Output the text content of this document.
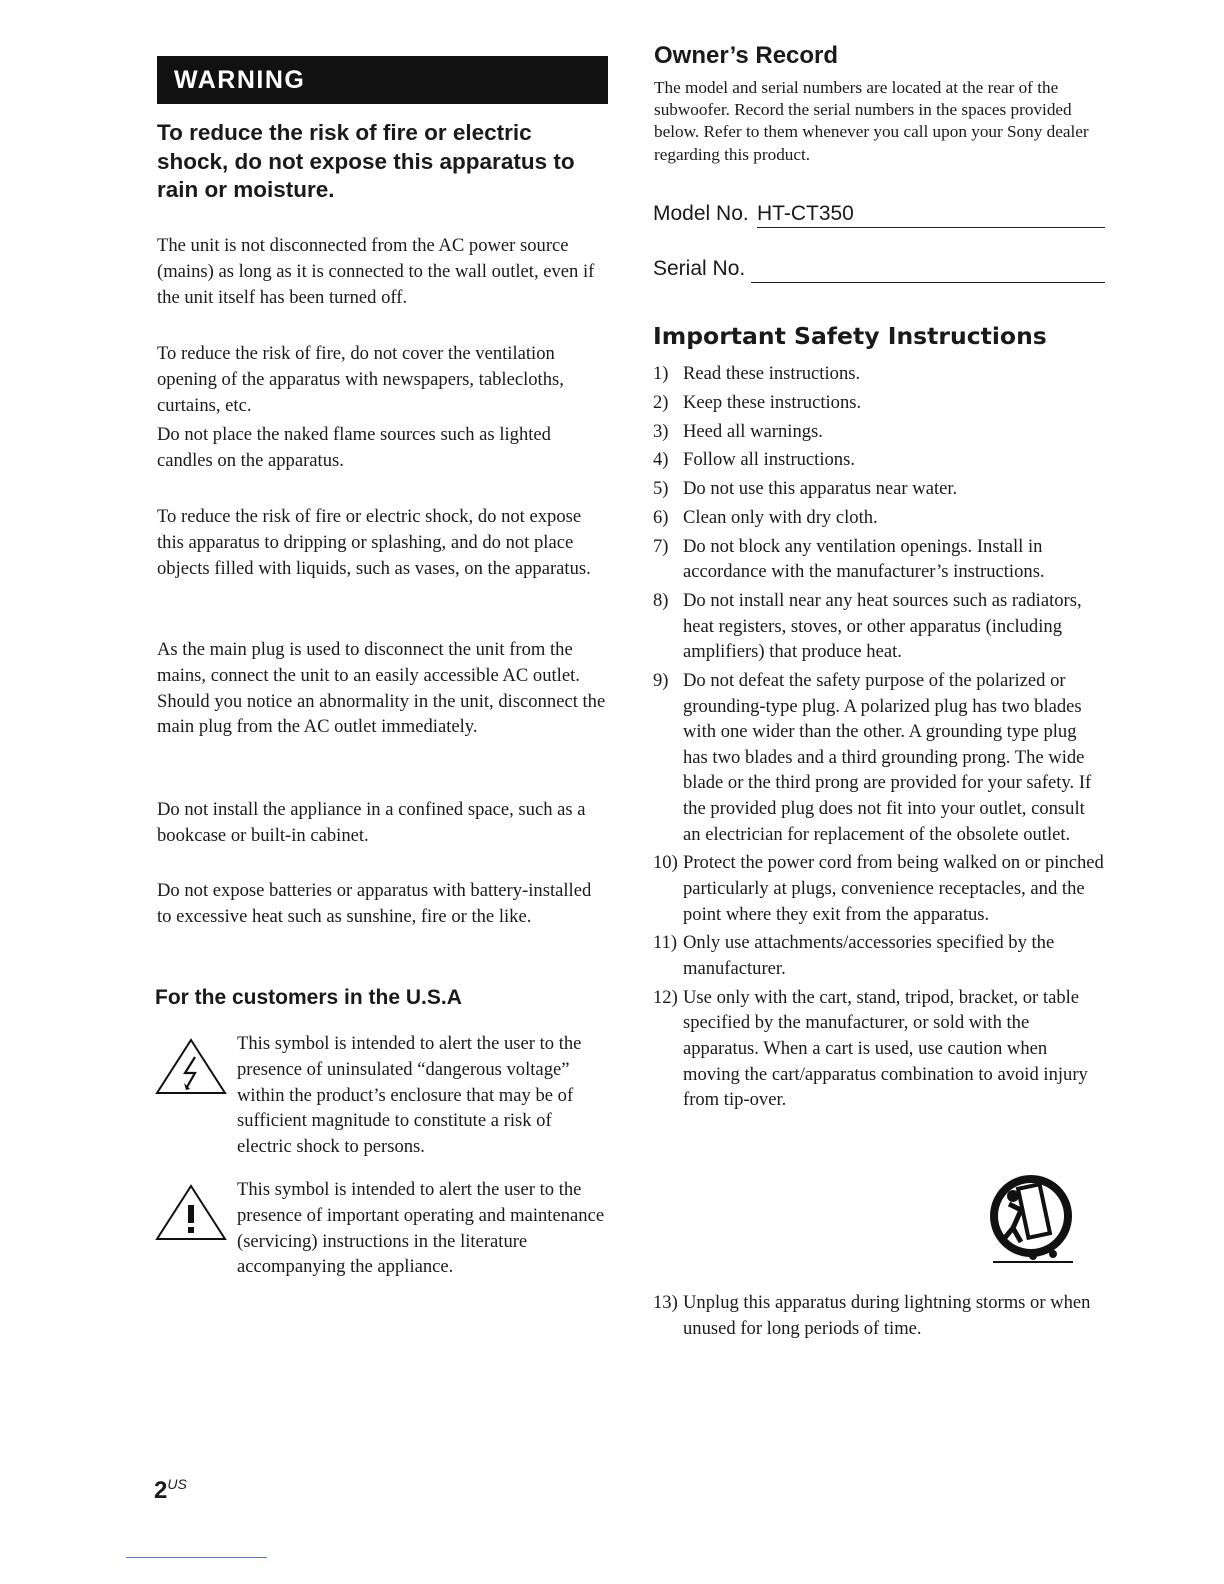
WARNING

To reduce the risk of fire or electric shock, do not expose this apparatus to rain or moisture.

The unit is not disconnected from the AC power source (mains) as long as it is connected to the wall outlet, even if the unit itself has been turned off.

To reduce the risk of fire, do not cover the ventilation opening of the apparatus with newspapers, tablecloths, curtains, etc.

Do not place the naked flame sources such as lighted candles on the apparatus.

To reduce the risk of fire or electric shock, do not expose this apparatus to dripping or splashing, and do not place objects filled with liquids, such as vases, on the apparatus.

As the main plug is used to disconnect the unit from the mains, connect the unit to an easily accessible AC outlet. Should you notice an abnormality in the unit, disconnect the main plug from the AC outlet immediately.

Do not install the appliance in a confined space, such as a bookcase or built-in cabinet.

Do not expose batteries or apparatus with battery-installed to excessive heat such as sunshine, fire or the like.

For the customers in the U.S.A

This symbol is intended to alert the user to the presence of uninsulated “dangerous voltage” within the product’s enclosure that may be of sufficient magnitude to constitute a risk of electric shock to persons.

This symbol is intended to alert the user to the presence of important operating and maintenance (servicing) instructions in the literature accompanying the appliance.

Owner’s Record

The model and serial numbers are located at the rear of the subwoofer. Record the serial numbers in the spaces provided below. Refer to them whenever you call upon your Sony dealer regarding this product.

Model No. HT-CT350
Serial No.
Important Safety Instructions
1) Read these instructions.
2) Keep these instructions.
3) Heed all warnings.
4) Follow all instructions.
5) Do not use this apparatus near water.
6) Clean only with dry cloth.
7) Do not block any ventilation openings. Install in accordance with the manufacturer’s instructions.
8) Do not install near any heat sources such as radiators, heat registers, stoves, or other apparatus (including amplifiers) that produce heat.
9) Do not defeat the safety purpose of the polarized or grounding-type plug. A polarized plug has two blades with one wider than the other. A grounding type plug has two blades and a third grounding prong. The wide blade or the third prong are provided for your safety. If the provided plug does not fit into your outlet, consult an electrician for replacement of the obsolete outlet.
10) Protect the power cord from being walked on or pinched particularly at plugs, convenience receptacles, and the point where they exit from the apparatus.
11) Only use attachments/accessories specified by the manufacturer.
12) Use only with the cart, stand, tripod, bracket, or table specified by the manufacturer, or sold with the apparatus. When a cart is used, use caution when moving the cart/apparatus combination to avoid injury from tip-over.
13) Unplug this apparatus during lightning storms or when unused for long periods of time.
$2^{US}$
